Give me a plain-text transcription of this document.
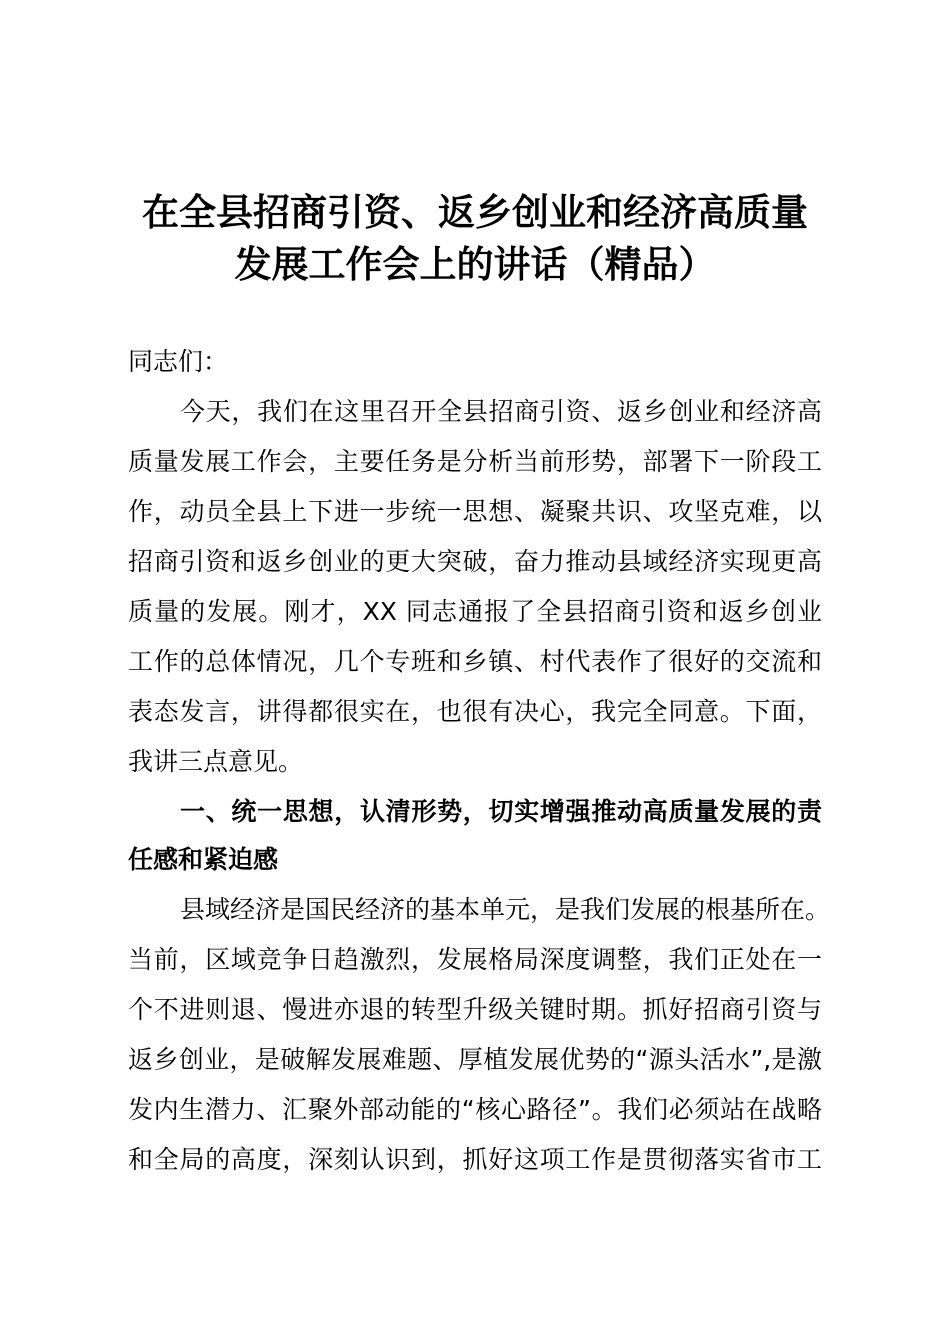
在全县招商引资、返乡创业和经济高质量
发展工作会上的讲话（精品）
同志们：
今天，我们在这里召开全县招商引资、返乡创业和经济高
质量发展工作会，主要任务是分析当前形势，部署下一阶段工
作，动员全县上下进一步统一思想、凝聚共识、攻坚克难，以
招商引资和返乡创业的更大突破，奋力推动县域经济实现更高
质量的发展。刚才，XX 同志通报了全县招商引资和返乡创业
工作的总体情况，几个专班和乡镇、村代表作了很好的交流和
表态发言，讲得都很实在，也很有决心，我完全同意。下面，
我讲三点意见。
一、统一思想，认清形势，切实增强推动高质量发展的责
任感和紧迫感
县域经济是国民经济的基本单元，是我们发展的根基所在。
当前，区域竞争日趋激烈，发展格局深度调整，我们正处在一
个不进则退、慢进亦退的转型升级关键时期。抓好招商引资与
返乡创业，是破解发展难题、厚植发展优势的“源头活水”,是激
发内生潜力、汇聚外部动能的“核心路径”。我们必须站在战略
和全局的高度，深刻认识到，抓好这项工作是贯彻落实省市工
